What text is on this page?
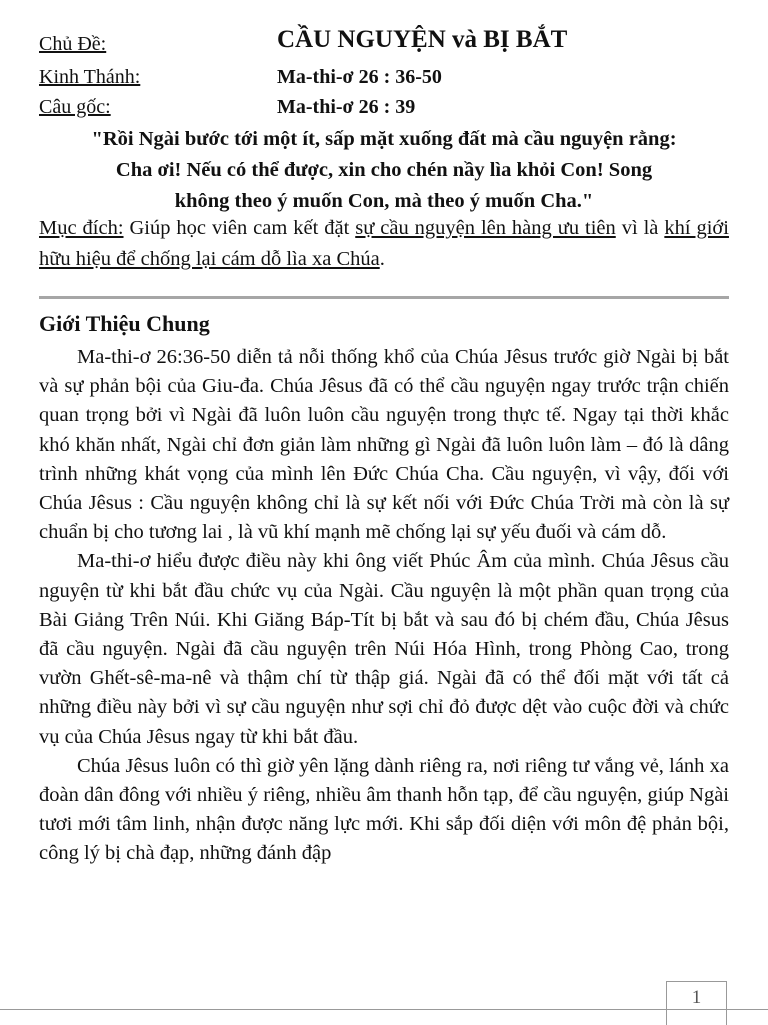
Chủ Đề:	CẦU NGUYỆN và BỊ BẮT
Kinh Thánh:	Ma-thi-ơ 26 : 36-50
Câu gốc:	Ma-thi-ơ 26 : 39
"Rồi Ngài bước tới một ít, sấp mặt xuống đất mà cầu nguyện rằng:
Cha ơi! Nếu có thể được, xin cho chén nầy lìa khỏi Con! Song
không theo ý muốn Con, mà theo ý muốn Cha."
Mục đích: Giúp học viên cam kết đặt sự cầu nguyện lên hàng ưu tiên vì là khí giới hữu hiệu để chống lại cám dỗ lìa xa Chúa.
Giới Thiệu Chung

Ma-thi-ơ 26:36-50 diễn tả nỗi thống khổ của Chúa Jêsus trước giờ Ngài bị bắt và sự phản bội của Giu-đa. Chúa Jêsus đã có thể cầu nguyện ngay trước trận chiến quan trọng bởi vì Ngài đã luôn luôn cầu nguyện trong thực tế. Ngay tại thời khắc khó khăn nhất, Ngài chỉ đơn giản làm những gì Ngài đã luôn luôn làm – đó là dâng trình những khát vọng của mình lên Đức Chúa Cha. Cầu nguyện, vì vậy, đối với Chúa Jêsus : Cầu nguyện không chỉ là sự kết nối với Đức Chúa Trời mà còn là sự chuẩn bị cho tương lai , là vũ khí mạnh mẽ chống lại sự yếu đuối và cám dỗ.

Ma-thi-ơ hiểu được điều này khi ông viết Phúc Âm của mình. Chúa Jêsus cầu nguyện từ khi bắt đầu chức vụ của Ngài. Cầu nguyện là một phần quan trọng của Bài Giảng Trên Núi. Khi Giăng Báp-Tít bị bắt và sau đó bị chém đầu, Chúa Jêsus đã cầu nguyện. Ngài đã cầu nguyện trên Núi Hóa Hình, trong Phòng Cao, trong vườn Ghết-sê-ma-nê và thậm chí từ thập giá. Ngài đã có thể đối mặt với tất cả những điều này bởi vì sự cầu nguyện như sợi chỉ đỏ được dệt vào cuộc đời và chức vụ của Chúa Jêsus ngay từ khi bắt đầu.

Chúa Jêsus luôn có thì giờ yên lặng dành riêng ra, nơi riêng tư vắng vẻ, lánh xa đoàn dân đông với nhiều ý riêng, nhiều âm thanh hỗn tạp, để cầu nguyện, giúp Ngài tươi mới tâm linh, nhận được năng lực mới. Khi sắp đối diện với môn đệ phản bội, công lý bị chà đạp, những đánh đập

1
